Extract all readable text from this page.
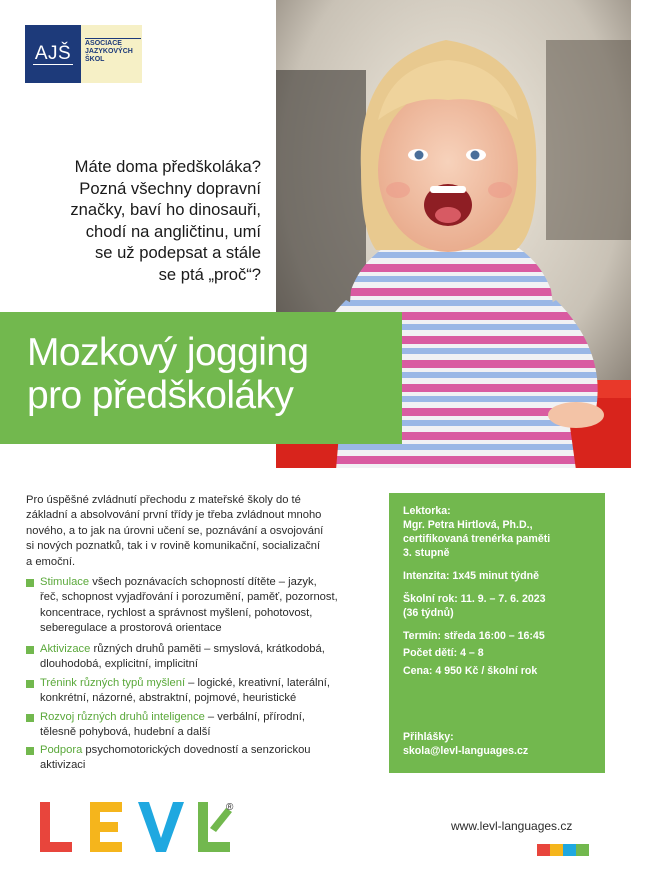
AJŠ ASOCIACE
JAZYKOVÝCH
ŠKOL
Máte doma předškoláka?
Pozná všechny dopravní
značky, baví ho dinosauři,
chodí na angličtinu, umí
se už podepsat a stále
se ptá „proč“?
Mozkový jogging
pro předškoláky
Pro úspěšné zvládnutí přechodu z mateřské školy do té
základní a absolvování první třídy je třeba zvládnout mnoho
nového, a to jak na úrovni učení se, poznávání a osvojování
si nových poznatků, tak i v rovině komunikační, socializační
a emoční.
Stimulace všech poznávacích schopností dítěte – jazyk,
řeč, schopnost vyjadřování i porozumění, paměť, pozornost,
koncentrace, rychlost a správnost myšlení, pohotovost,
seberegulace a prostorová orientace
Aktivizace různých druhů paměti – smyslová, krátkodobá,
dlouhodobá, explicitní, implicitní
Trénink různých typů myšlení – logické, kreativní, laterální,
konkrétní, názorné, abstraktní, pojmové, heuristické
Rozvoj různých druhů inteligence – verbální, přírodní,
tělesně pohybová, hudební a další
Podpora psychomotorických dovedností a senzorickou
aktivizaci
Lektorka:
Mgr. Petra Hirtlová, Ph.D.,
certifikovaná trenérka paměti
3. stupně
Intenzita: 1x45 minut týdně
Školní rok: 11. 9. – 7. 6. 2023
(36 týdnů)
Termín: středa 16:00 – 16:45
Počet dětí: 4 – 8
Cena: 4 950 Kč / školní rok
Přihlášky:
skola@levl-languages.cz
®
www.levl-languages.cz
